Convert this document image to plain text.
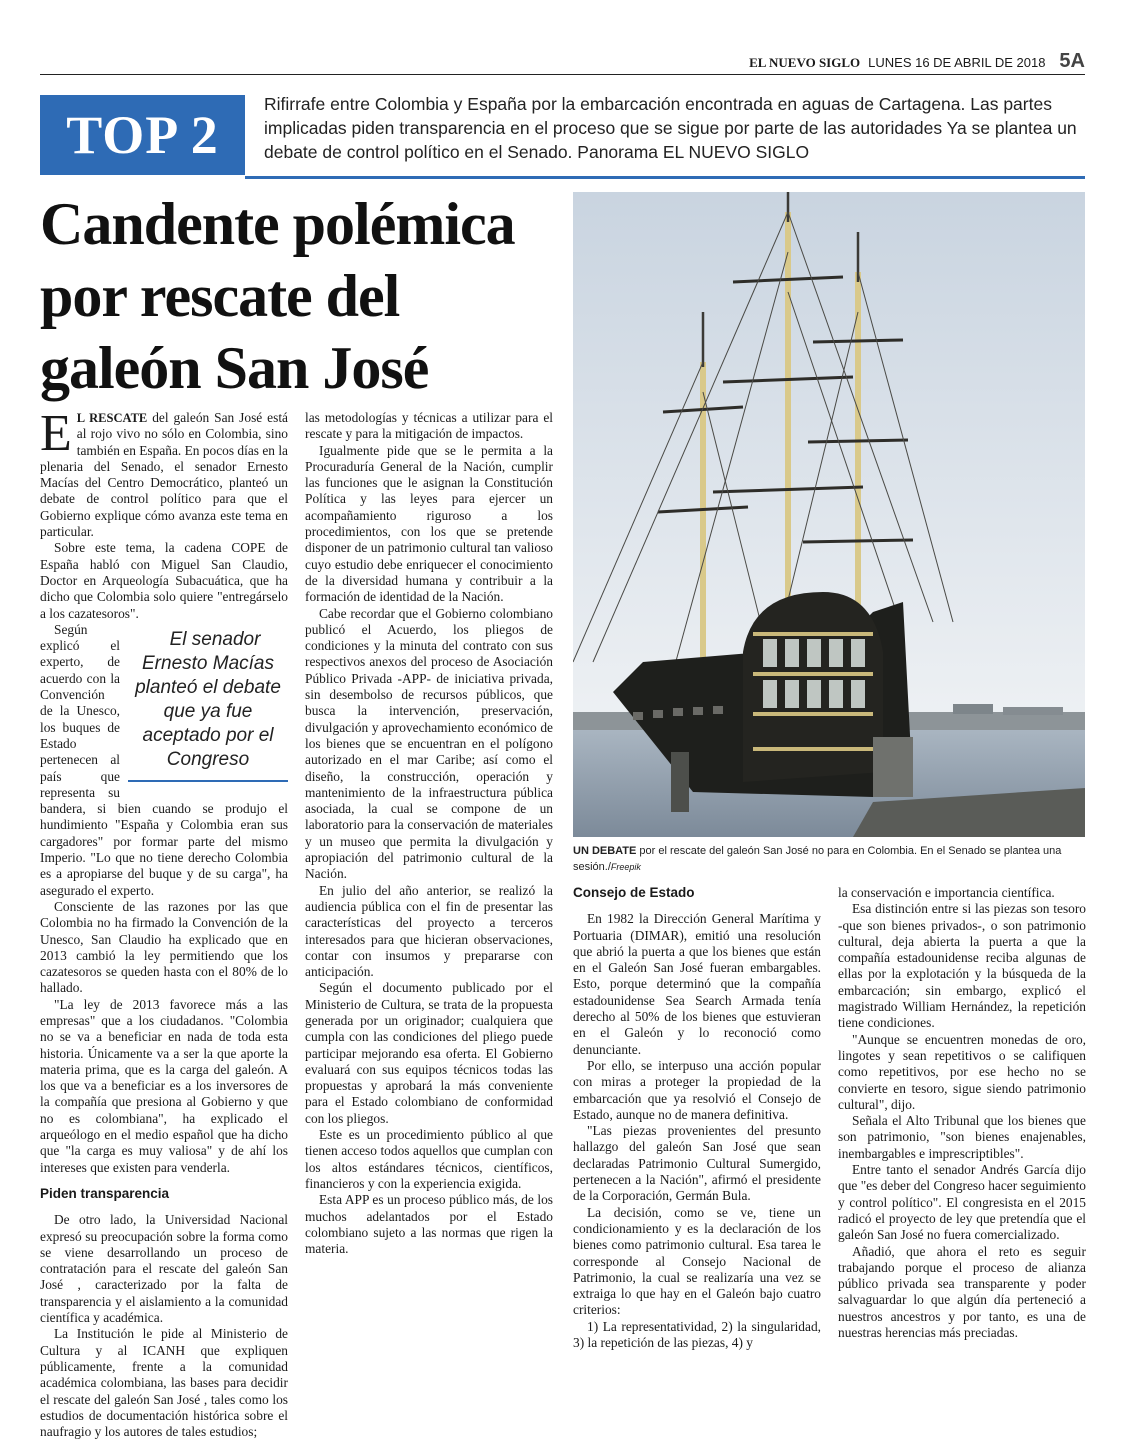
EL NUEVO SIGLO LUNES 16 DE ABRIL DE 2018 5A
TOP 2
Rifirrafe entre Colombia y España por la embarcación encontrada en aguas de Cartagena. Las partes implicadas piden transparencia en el proceso que se sigue por parte de las autoridades Ya se plantea un debate de control político en el Senado. Panorama EL NUEVO SIGLO
Candente polémica por rescate del galeón San José
UN DEBATE por el rescate del galeón San José no para en Colombia. En el Senado se plantea una sesión./Freepik

E L RESCATE del galeón San José está al rojo vivo no sólo en Colombia, sino también en España. En pocos días en la plenaria del Senado, el senador Ernesto Macías del Centro Democrático, planteó un debate de control político para que el Gobierno explique cómo avanza este tema en particular.

Sobre este tema, la cadena COPE de España habló con Miguel San Claudio, Doctor en Arqueología Subacuática, que ha dicho que Colombia solo quiere "entregárselo a los cazatesoros".

El senador Ernesto Macías planteó el debate que ya fue aceptado por el Congreso
Según explicó el experto, de acuerdo con la Convención de la Unesco, los buques de Estado pertenecen al país que representa su bandera, si bien cuando se produjo el hundimiento "España y Colombia eran sus cargadores" por formar parte del mismo Imperio. "Lo que no tiene derecho Colombia es a apropiarse del buque y de su carga", ha asegurado el experto.

Consciente de las razones por las que Colombia no ha firmado la Convención de la Unesco, San Claudio ha explicado que en 2013 cambió la ley permitiendo que los cazatesoros se queden hasta con el 80% de lo hallado.

"La ley de 2013 favorece más a las empresas" que a los ciudadanos. "Colombia no se va a beneficiar en nada de toda esta historia. Únicamente va a ser la que aporte la materia prima, que es la carga del galeón. A los que va a beneficiar es a los inversores de la compañía que presiona al Gobierno y que no es colombiana", ha explicado el arqueólogo en el medio español que ha dicho que "la carga es muy valiosa" y de ahí los intereses que existen para venderla.

Piden transparencia

De otro lado, la Universidad Nacional expresó su preocupación sobre la forma como se viene desarrollando un proceso de contratación para el rescate del galeón San José , caracterizado por la falta de transparencia y el aislamiento a la comunidad científica y académica.

La Institución le pide al Ministerio de Cultura y al ICANH que expliquen públicamente, frente a la comunidad académica colombiana, las bases para decidir el rescate del galeón San José , tales como los estudios de documentación histórica sobre el naufragio y los autores de tales estudios;

las metodologías y técnicas a utilizar para el rescate y para la mitigación de impactos.

Igualmente pide que se le permita a la Procuraduría General de la Nación, cumplir las funciones que le asignan la Constitución Política y las leyes para ejercer un acompañamiento riguroso a los procedimientos, con los que se pretende disponer de un patrimonio cultural tan valioso cuyo estudio debe enriquecer el conocimiento de la diversidad humana y contribuir a la formación de identidad de la Nación.

Cabe recordar que el Gobierno colombiano publicó el Acuerdo, los pliegos de condiciones y la minuta del contrato con sus respectivos anexos del proceso de Asociación Público Privada -APP- de iniciativa privada, sin desembolso de recursos públicos, que busca la intervención, preservación, divulgación y aprovechamiento económico de los bienes que se encuentran en el polígono autorizado en el mar Caribe; así como el diseño, la construcción, operación y mantenimiento de la infraestructura pública asociada, la cual se compone de un laboratorio para la conservación de materiales y un museo que permita la divulgación y apropiación del patrimonio cultural de la Nación.

En julio del año anterior, se realizó la audiencia pública con el fin de presentar las características del proyecto a terceros interesados para que hicieran observaciones, contar con insumos y prepararse con anticipación.

Según el documento publicado por el Ministerio de Cultura, se trata de la propuesta generada por un originador; cualquiera que cumpla con las condiciones del pliego puede participar mejorando esa oferta. El Gobierno evaluará con sus equipos técnicos todas las propuestas y aprobará la más conveniente para el Estado colombiano de conformidad con los pliegos.

Este es un procedimiento público al que tienen acceso todos aquellos que cumplan con los altos estándares técnicos, científicos, financieros y con la experiencia exigida.

Esta APP es un proceso público más, de los muchos adelantados por el Estado colombiano sujeto a las normas que rigen la materia.

Consejo de Estado

En 1982 la Dirección General Marítima y Portuaria (DIMAR), emitió una resolución que abrió la puerta a que los bienes que están en el Galeón San José fueran embargables. Esto, porque determinó que la compañía estadounidense Sea Search Armada tenía derecho al 50% de los bienes que estuvieran en el Galeón y lo reconoció como denunciante.

Por ello, se interpuso una acción popular con miras a proteger la propiedad de la embarcación que ya resolvió el Consejo de Estado, aunque no de manera definitiva.

"Las piezas provenientes del presunto hallazgo del galeón San José que sean declaradas Patrimonio Cultural Sumergido, pertenecen a la Nación", afirmó el presidente de la Corporación, Germán Bula.

La decisión, como se ve, tiene un condicionamiento y es la declaración de los bienes como patrimonio cultural. Esa tarea le corresponde al Consejo Nacional de Patrimonio, la cual se realizaría una vez se extraiga lo que hay en el Galeón bajo cuatro criterios:

1) La representatividad, 2) la singularidad, 3) la repetición de las piezas, 4) y

la conservación e importancia científica.

Esa distinción entre si las piezas son tesoro -que son bienes privados-, o son patrimonio cultural, deja abierta la puerta a que la compañía estadounidense reciba algunas de ellas por la explotación y la búsqueda de la embarcación; sin embargo, explicó el magistrado William Hernández, la repetición tiene condiciones.

"Aunque se encuentren monedas de oro, lingotes y sean repetitivos o se califiquen como repetitivos, por ese hecho no se convierte en tesoro, sigue siendo patrimonio cultural", dijo.

Señala el Alto Tribunal que los bienes que son patrimonio, "son bienes enajenables, inembargables e imprescriptibles".

Entre tanto el senador Andrés García dijo que "es deber del Congreso hacer seguimiento y control político". El congresista en el 2015 radicó el proyecto de ley que pretendía que el galeón San José no fuera comercializado.

Añadió, que ahora el reto es seguir trabajando porque el proceso de alianza público privada sea transparente y poder salvaguardar lo que algún día perteneció a nuestros ancestros y por tanto, es una de nuestras herencias más preciadas.
